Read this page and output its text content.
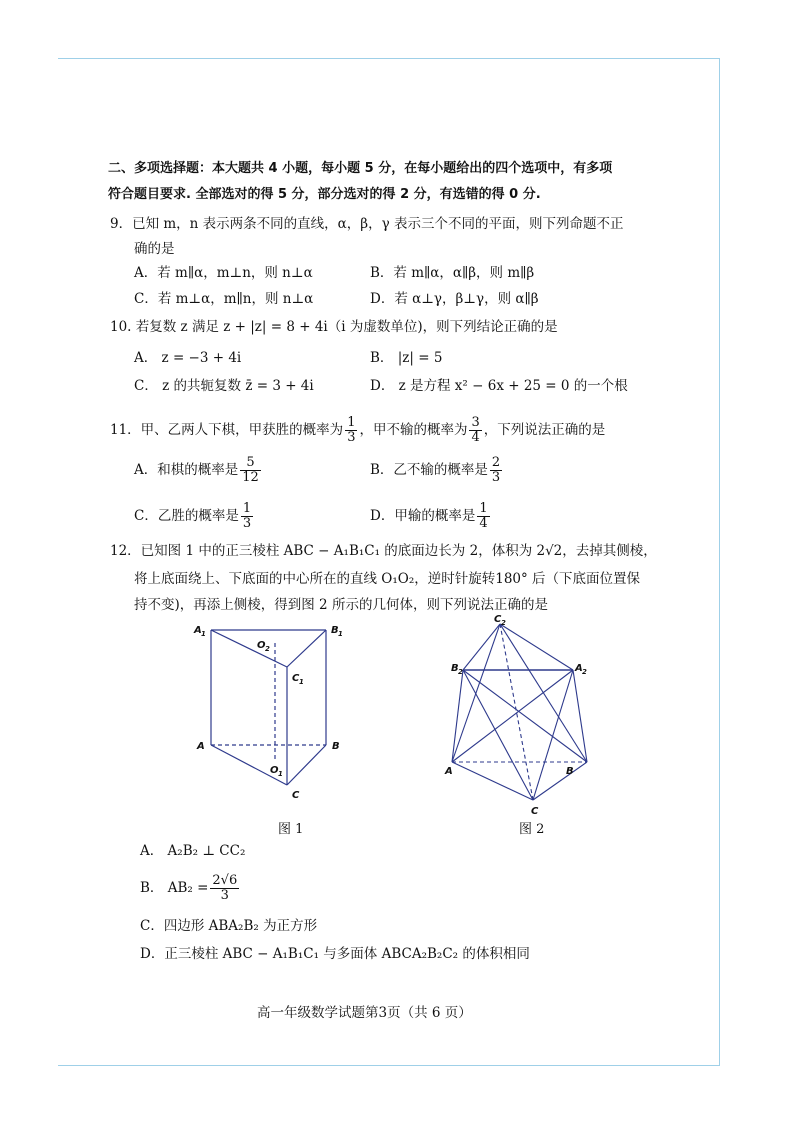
二、多项选择题：本大题共 4 小题，每小题 5 分，在每小题给出的四个选项中，有多项
符合题目要求. 全部选对的得 5 分，部分选对的得 2 分，有选错的得 0 分.
9．已知 m，n 表示两条不同的直线，α，β，γ 表示三个不同的平面，则下列命题不正
确的是
A．若 m∥α，m⊥n，则 n⊥α	B．若 m∥α，α∥β，则 m∥β
C．若 m⊥α，m∥n，则 n⊥α	D．若 α⊥γ，β⊥γ，则 α∥β
10. 若复数 z 满足 z + |z| = 8 + 4i（i 为虚数单位)，则下列结论正确的是
A． z = −3 + 4i	B． |z| = 5
C． z 的共轭复数 z̄ = 3 + 4i	D． z 是方程 x² − 6x + 25 = 0 的一个根
11．甲、乙两人下棋，甲获胜的概率为 $\frac{1}{3}$ ，甲不输的概率为 $\frac{3}{4}$ ，下列说法正确的是
A．和棋的概率是 $\frac{5}{12}$	B．乙不输的概率是 $\frac{2}{3}$
C．乙胜的概率是 $\frac{1}{3}$	D．甲输的概率是 $\frac{1}{4}$
12．已知图 1 中的正三棱柱 ABC − A₁B₁C₁ 的底面边长为 2，体积为 2√2，去掉其侧棱，
将上底面绕上、下底面的中心所在的直线 O₁O₂，逆时针旋转180° 后（下底面位置保
持不变)，再添上侧棱，得到图 2 所示的几何体，则下列说法正确的是
A 1	B 1
O 2
C 1
A	B
O 1
C
图 1
C 2
B 2	A 2
A	B
C
图 2
A． A₂B₂ ⊥ CC₂
B． $AB_2 = \frac{2√6}{3}$
C．四边形 ABA₂B₂ 为正方形
D．正三棱柱 ABC − A₁B₁C₁ 与多面体 ABCA₂B₂C₂ 的体积相同
高一年级数学试题第3页（共 6 页）
